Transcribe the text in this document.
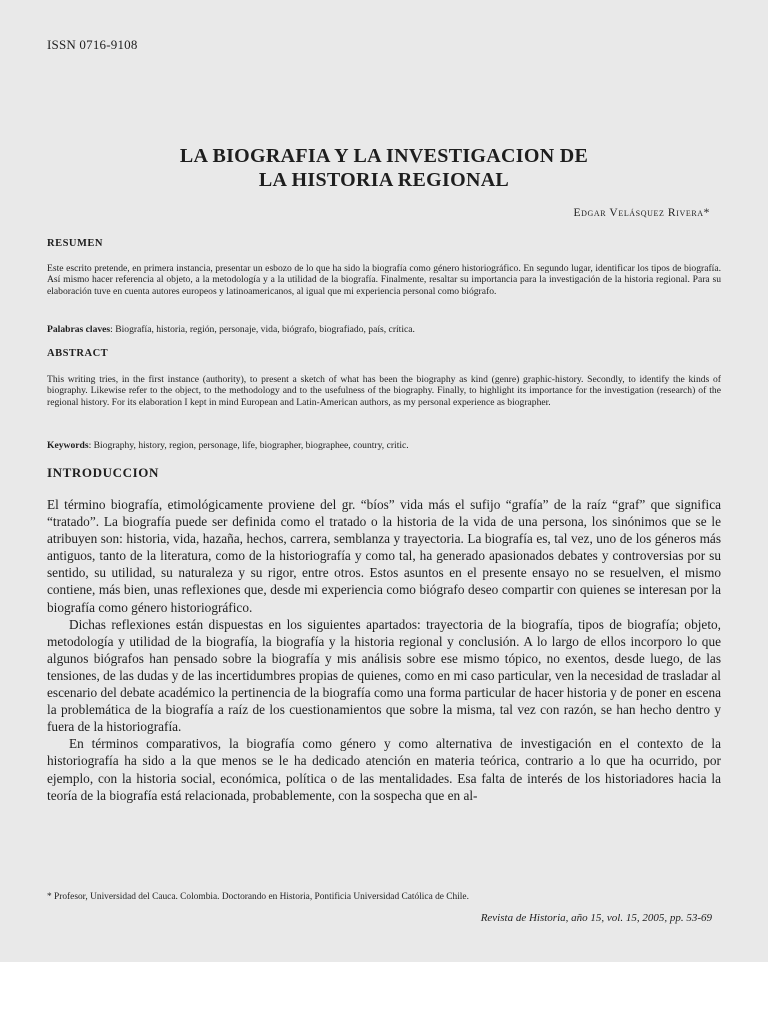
ISSN 0716-9108
LA BIOGRAFIA Y LA INVESTIGACION DE
LA HISTORIA REGIONAL
Edgar Velásquez Rivera*
RESUMEN
Este escrito pretende, en primera instancia, presentar un esbozo de lo que ha sido la biografía como género historiográfico. En segundo lugar, identificar los tipos de biografía. Así mismo hacer referencia al objeto, a la metodología y a la utilidad de la biografía. Finalmente, resaltar su importancia para la investigación de la historia regional. Para su elaboración tuve en cuenta autores europeos y latinoamericanos, al igual que mi experiencia personal como biógrafo.
Palabras claves: Biografía, historia, región, personaje, vida, biógrafo, biografiado, país, crítica.
ABSTRACT
This writing tries, in the first instance (authority), to present a sketch of what has been the biography as kind (genre) graphic-history. Secondly, to identify the kinds of biography. Likewise refer to the object, to the methodology and to the usefulness of the biography. Finally, to highlight its importance for the investigation (research) of the regional history. For its elaboration I kept in mind European and Latin-American authors, as my personal experience as biographer.
Keywords: Biography, history, region, personage, life, biographer, biographee, country, critic.
INTRODUCCION

El término biografía, etimológicamente proviene del gr. “bíos” vida más el sufijo “grafía” de la raíz “graf” que significa “tratado”. La biografía puede ser definida como el tratado o la historia de la vida de una persona, los sinónimos que se le atribuyen son: historia, vida, hazaña, hechos, carrera, semblanza y trayectoria. La biografía es, tal vez, uno de los géneros más antiguos, tanto de la literatura, como de la historiografía y como tal, ha generado apasionados debates y controversias por su sentido, su utilidad, su naturaleza y su rigor, entre otros. Estos asuntos en el presente ensayo no se resuelven, el mismo contiene, más bien, unas reflexiones que, desde mi experiencia como biógrafo deseo compartir con quienes se interesan por la biografía como género historiográfico.

Dichas reflexiones están dispuestas en los siguientes apartados: trayectoria de la biografía, tipos de biografía; objeto, metodología y utilidad de la biografía, la biografía y la historia regional y conclusión. A lo largo de ellos incorporo lo que algunos biógrafos han pensado sobre la biografía y mis análisis sobre ese mismo tópico, no exentos, desde luego, de las tensiones, de las dudas y de las incertidumbres propias de quienes, como en mi caso particular, ven la necesidad de trasladar al escenario del debate académico la pertinencia de la biografía como una forma particular de hacer historia y de poner en escena la problemática de la biografía a raíz de los cuestionamientos que sobre la misma, tal vez con razón, se han hecho dentro y fuera de la historiografía.

En términos comparativos, la biografía como género y como alternativa de investigación en el contexto de la historiografía ha sido a la que menos se le ha dedicado atención en materia teórica, contrario a lo que ha ocurrido, por ejemplo, con la historia social, económica, política o de las mentalidades. Esa falta de interés de los historiadores hacia la teoría de la biografía está relacionada, probablemente, con la sospecha que en al-

* Profesor, Universidad del Cauca. Colombia. Doctorando en Historia, Pontificia Universidad Católica de Chile.
Revista de Historia, año 15, vol. 15, 2005, pp. 53-69
